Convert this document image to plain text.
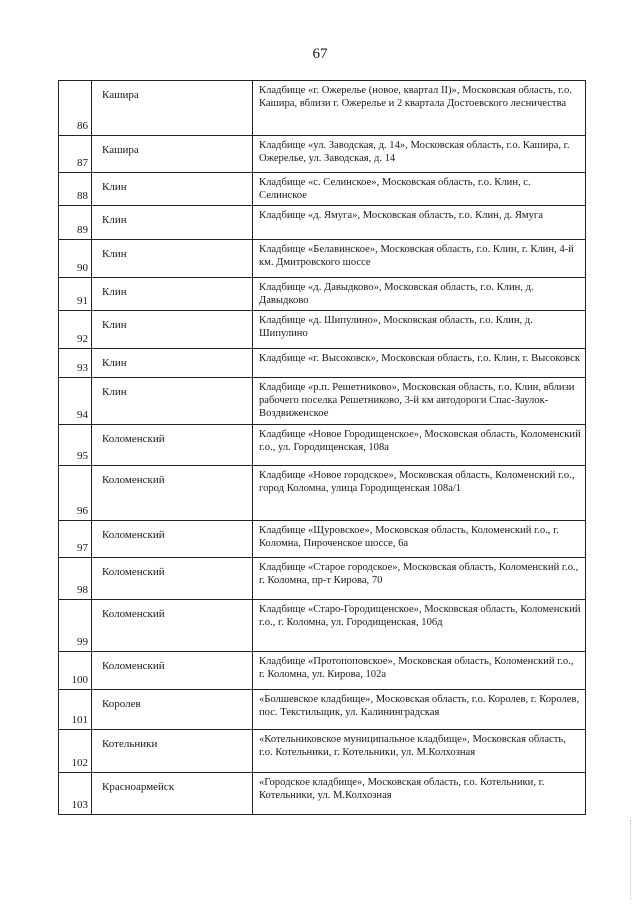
67
86	Кашира	Кладбище «г. Ожерелье (новое, квартал II)», Московская область, г.о. Кашира, вблизи г. Ожерелье и 2 квартала Достоевского лесничества

87	Кашира	Кладбище «ул. Заводская, д. 14», Московская область, г.о. Кашира, г. Ожерелье, ул. Заводская, д. 14

88	Клин	Кладбище «с. Селинское», Московская область, г.о. Клин, с. Селинское

89	Клин	Кладбище «д. Ямуга», Московская область, г.о. Клин, д. Ямуга

90	Клин	Кладбище «Белавинское», Московская область, г.о. Клин, г. Клин, 4-й км. Дмитровского шоссе

91	Клин	Кладбище «д. Давыдково», Московская область, г.о. Клин, д. Давыдково

92	Клин	Кладбище «д. Шипулино», Московская область, г.о. Клин, д. Шипулино

93	Клин	Кладбище «г. Высоковск», Московская область, г.о. Клин, г. Высоковск

94	Клин	Кладбище «р.п. Решетниково», Московская область, г.о. Клин, вблизи рабочего поселка Решетниково, 3-й км автодороги Спас-Заулок-Воздвиженское

95	Коломенский	Кладбище «Новое Городищенское», Московская область, Коломенский г.о., ул. Городищенская, 108а

96	Коломенский	Кладбище «Новое городское», Московская область, Коломенский г.о., город Коломна, улица Городищенская 108а/1

97	Коломенский	Кладбище «Щуровское», Московская область, Коломенский г.о., г. Коломна, Пироченское шоссе, 6а

98	Коломенский	Кладбище «Старое городское», Московская область, Коломенский г.о., г. Коломна, пр-т Кирова, 70

99	Коломенский	Кладбище «Старо-Городищенское», Московская область, Коломенский г.о., г. Коломна, ул. Городищенская, 106д

100	Коломенский	Кладбище «Протопоповское», Московская область, Коломенский г.о., г. Коломна, ул. Кирова, 102а

101	Королев	«Болшевское кладбище», Московская область, г.о. Королев, г. Королев, пос. Текстильщик, ул. Калининградская

102	Котельники	«Котельниковское муниципальное кладбище», Московская область, г.о. Котельники, г. Котельники, ул. М.Колхозная

103	Красноармейск	«Городское кладбище», Московская область, г.о. Котельники, г. Котельники, ул. М.Колхозная
